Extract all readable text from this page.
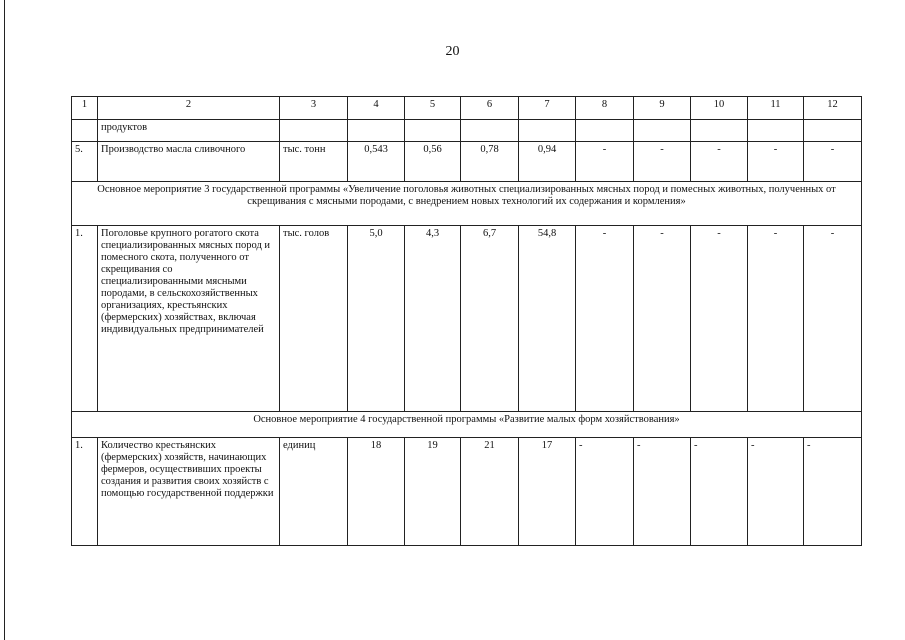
20
1	2	3	4	5	6	7	8	9	10	11	12
	продуктов										
5.	Производство масла сливочного	тыс. тонн	0,543	0,56	0,78	0,94	-	-	-	-	-
Основное мероприятие 3 государственной программы «Увеличение поголовья животных специализированных мясных пород и помесных животных, полученных от скрещивания с мясными породами, с внедрением новых технологий их содержания и кормления»											
1.	Поголовье крупного рогатого скота специализированных мясных пород и помесного скота, полученного от скрещивания со специализированными мясными породами, в сельскохозяйственных организациях, крестьянских (фермерских) хозяйствах, включая индивидуальных предпринимателей	тыс. голов	5,0	4,3	6,7	54,8	-	-	-	-	-
Основное мероприятие 4 государственной программы «Развитие малых форм хозяйствования»											
1.	Количество крестьянских (фермерских) хозяйств, начинающих фермеров, осуществивших проекты создания и развития своих хозяйств с помощью государственной поддержки	единиц	18	19	21	17	-	-	-	-	-
